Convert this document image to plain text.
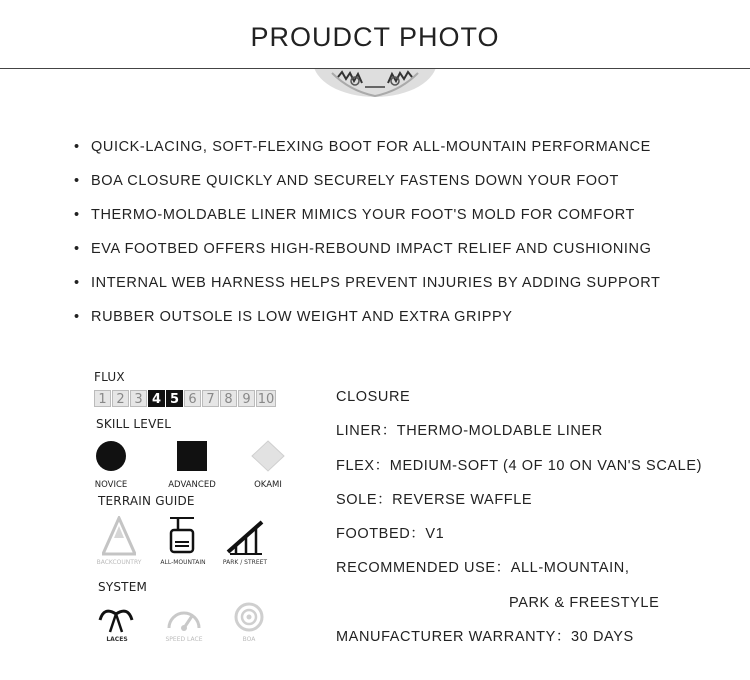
PROUDCT PHOTO
• QUICK-LACING, SOFT-FLEXING BOOT FOR ALL-MOUNTAIN PERFORMANCE
• BOA CLOSURE QUICKLY AND SECURELY FASTENS DOWN YOUR FOOT
• THERMO-MOLDABLE LINER MIMICS YOUR FOOT'S MOLD FOR COMFORT
• EVA FOOTBED OFFERS HIGH-REBOUND IMPACT RELIEF AND CUSHIONING
• INTERNAL WEB HARNESS HELPS PREVENT INJURIES BY ADDING SUPPORT
• RUBBER OUTSOLE IS LOW WEIGHT AND EXTRA GRIPPY
FLUX
1 2 3 4 5 6 7 8 9 10
SKILL LEVEL
NOVICE	ADVANCED	OKAMI
TERRAIN GUIDE
BACKCOUNTRY	ALL-MOUNTAIN	PARK / STREET
SYSTEM
LACES	SPEED LACE	BOA
CLOSURE
LINER：THERMO-MOLDABLE LINER
FLEX：MEDIUM-SOFT (4 OF 10 ON VAN'S SCALE)
SOLE：REVERSE WAFFLE
FOOTBED：V1
RECOMMENDED USE：ALL-MOUNTAIN,
PARK & FREESTYLE
MANUFACTURER WARRANTY：30 DAYS
